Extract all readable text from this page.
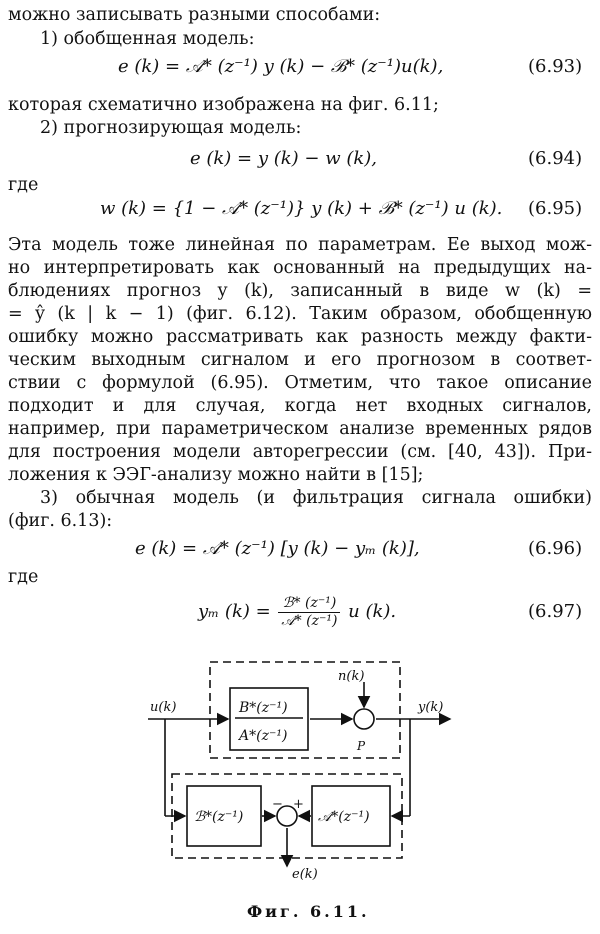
можно записывать разными способами:
1) обобщенная модель:
e (k) = 𝒜* (z⁻¹) y (k) − ℬ* (z⁻¹)u(k),	(6.93)
которая схематично изображена на фиг. 6.11;
2) прогнозирующая модель:
e (k) = y (k) − w (k),	(6.94)
где
w (k) = {1 − 𝒜* (z⁻¹)} y (k) + ℬ* (z⁻¹) u (k). (6.95)
Эта модель тоже линейная по параметрам. Ее выход мож-
но интерпретировать как основанный на предыдущих на-
блюдениях прогноз y (k), записанный в виде w (k) =
= ŷ (k | k − 1) (фиг. 6.12). Таким образом, обобщенную
ошибку можно рассматривать как разность между факти-
ческим выходным сигналом и его прогнозом в соответ-
ствии с формулой (6.95). Отметим, что такое описание
подходит и для случая, когда нет входных сигналов,
например, при параметрическом анализе временных рядов
для построения модели авторегрессии (см. [40, 43]). При-
ложения к ЭЭГ-анализу можно найти в [15];
3) обычная модель (и фильтрация сигнала ошибки)
(фиг. 6.13):
e (k) = 𝒜* (z⁻¹) [y (k) − yₘ (k)],	(6.96)
где
yₘ $(k) = \frac{\text{ℬ* (z⁻¹)}}{\text{𝒜* (z⁻¹)}}$ u (k).	(6.97)
u(k)	y(k)
n(k)
e(k)
B*(z⁻¹)
A*(z⁻¹)
P
ℬ*(z⁻¹)	𝒜*(z⁻¹)
− +
Фиг. 6.11.
